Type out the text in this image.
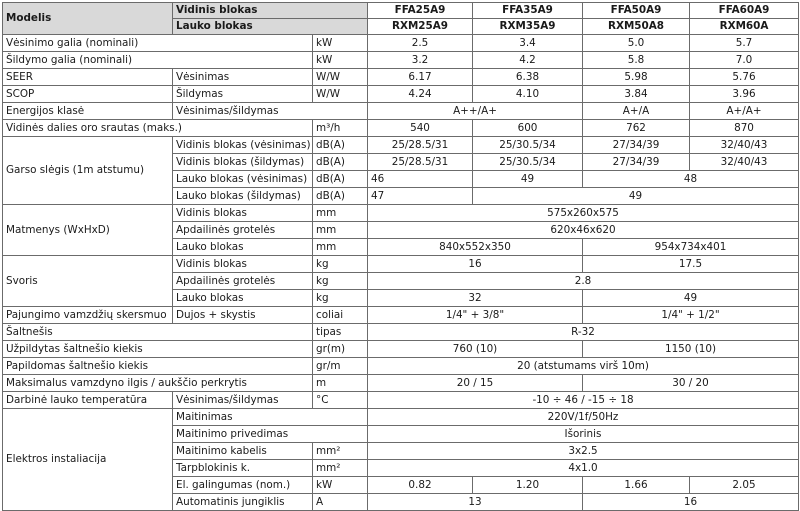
Modelis	Vidinis blokas		FFA25A9	FFA35A9	FFA50A9	FFA60A9
	Lauko blokas		RXM25A9	RXM35A9	RXM50A8	RXM60A
Vėsinimo galia (nominali)		kW	2.5	3.4	5.0	5.7
Šildymo galia (nominali)		kW	3.2	4.2	5.8	7.0
SEER	Vėsinimas	W/W	6.17	6.38	5.98	5.76
SCOP	Šildymas	W/W	4.24	4.10	3.84	3.96
Energijos klasė	Vėsinimas/šildymas		A++/A+		A+/A	A+/A+
Vidinės dalies oro srautas (maks.)		m³/h	540	600	762	870
Garso slėgis (1m atstumu)	Vidinis blokas (vėsinimas)	dB(A)	25/28.5/31	25/30.5/34	27/34/39	32/40/43
	Vidinis blokas (šildymas)	dB(A)	25/28.5/31	25/30.5/34	27/34/39	32/40/43
	Lauko blokas (vėsinimas)	dB(A)	46	49	48	
	Lauko blokas (šildymas)	dB(A)	47	49		
Matmenys (WxHxD)	Vidinis blokas	mm	575x260x575			
	Apdailinės grotelės	mm	620x46x620			
	Lauko blokas	mm	840x552x350		954x734x401	
Svoris	Vidinis blokas	kg	16		17.5	
	Apdailinės grotelės	kg	2.8			
	Lauko blokas	kg	32		49	
Pajungimo vamzdžių skersmuo	Dujos + skystis	coliai	1/4" + 3/8"		1/4" + 1/2"	
Šaltnešis		tipas	R-32			
Užpildytas šaltnešio kiekis		gr(m)	760 (10)		1150 (10)	
Papildomas šaltnešio kiekis		gr/m	20 (atstumams virš 10m)			
Maksimalus vamzdyno ilgis / aukščio perkrytis		m	20 / 15		30 / 20	
Darbinė lauko temperatūra	Vėsinimas/šildymas	°C	-10 ÷ 46 / -15 ÷ 18			
Elektros instaliacija	Maitinimas		220V/1f/50Hz			
	Maitinimo privedimas		Išorinis			
	Maitinimo kabelis	mm²	3x2.5			
	Tarpblokinis k.	mm²	4x1.0			
	El. galingumas (nom.)	kW	0.82	1.20	1.66	2.05
	Automatinis jungiklis	A	13		16	
